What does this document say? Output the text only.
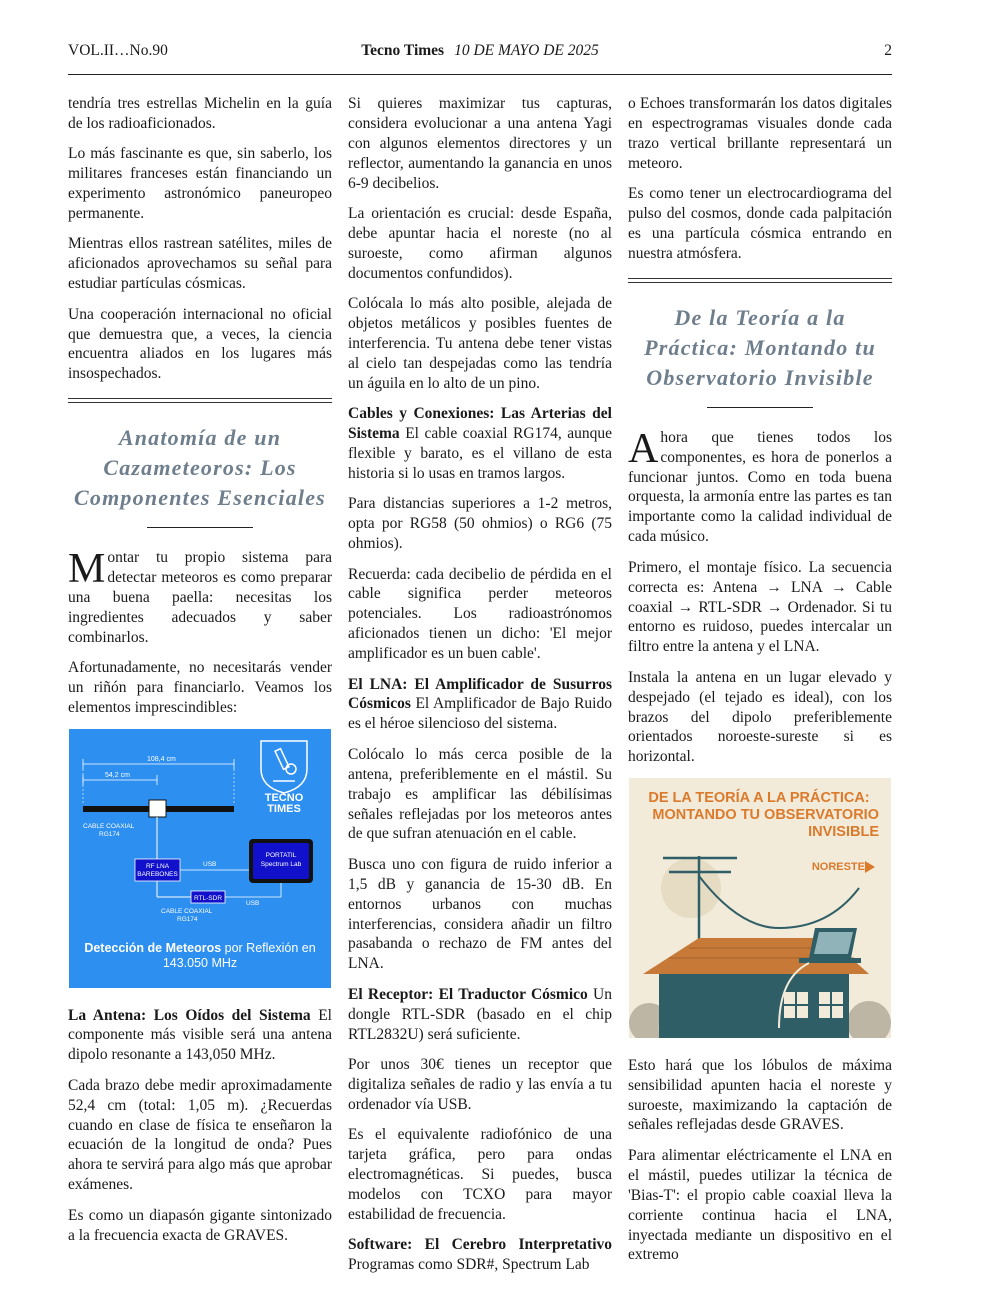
VOL.II…No.90	Tecno Times 10 DE MAYO DE 2025	2

tendría tres estrellas Michelin en la guía de los radioaficionados.

Lo más fascinante es que, sin saberlo, los militares franceses están financiando un experimento astronómico paneuropeo permanente.

Mientras ellos rastrean satélites, miles de aficionados aprovechamos su señal para estudiar partículas cósmicas.

Una cooperación internacional no oficial que demuestra que, a veces, la ciencia encuentra aliados en los lugares más insospechados.

Anatomía de un Cazameteoros: Los Componentes Esenciales

Montar tu propio sistema para detectar meteoros es como preparar una buena paella: necesitas los ingredientes adecuados y saber combinarlos.

Afortunadamente, no necesitarás vender un riñón para financiarlo. Veamos los elementos imprescindibles:

108,4 cm
54,2 cm
CABLE COAXIAL
RG174
RF LNA
BAREBONES
USB
PORTATIL
Spectrum Lab
RTL-SDR
USB
CABLE COAXIAL
RG174
TECNO
TIMES
Detección de Meteoros por Reflexión en
143.050 MHz

La Antena: Los Oídos del Sistema El componente más visible será una antena dipolo resonante a 143,050 MHz.

Cada brazo debe medir aproximadamente 52,4 cm (total: 1,05 m). ¿Recuerdas cuando en clase de física te enseñaron la ecuación de la longitud de onda? Pues ahora te servirá para algo más que aprobar exámenes.

Es como un diapasón gigante sintonizado a la frecuencia exacta de GRAVES.

Si quieres maximizar tus capturas, considera evolucionar a una antena Yagi con algunos elementos directores y un reflector, aumentando la ganancia en unos 6-9 decibelios.

La orientación es crucial: desde España, debe apuntar hacia el noreste (no al suroeste, como afirman algunos documentos confundidos).

Colócala lo más alto posible, alejada de objetos metálicos y posibles fuentes de interferencia. Tu antena debe tener vistas al cielo tan despejadas como las tendría un águila en lo alto de un pino.

Cables y Conexiones: Las Arterias del Sistema El cable coaxial RG174, aunque flexible y barato, es el villano de esta historia si lo usas en tramos largos.

Para distancias superiores a 1-2 metros, opta por RG58 (50 ohmios) o RG6 (75 ohmios).

Recuerda: cada decibelio de pérdida en el cable significa perder meteoros potenciales. Los radioastrónomos aficionados tienen un dicho: 'El mejor amplificador es un buen cable'.

El LNA: El Amplificador de Susurros Cósmicos El Amplificador de Bajo Ruido es el héroe silencioso del sistema.

Colócalo lo más cerca posible de la antena, preferiblemente en el mástil. Su trabajo es amplificar las débilísimas señales reflejadas por los meteoros antes de que sufran atenuación en el cable.

Busca uno con figura de ruido inferior a 1,5 dB y ganancia de 15-30 dB. En entornos urbanos con muchas interferencias, considera añadir un filtro pasabanda o rechazo de FM antes del LNA.

El Receptor: El Traductor Cósmico Un dongle RTL-SDR (basado en el chip RTL2832U) será suficiente.

Por unos 30€ tienes un receptor que digitaliza señales de radio y las envía a tu ordenador vía USB.

Es el equivalente radiofónico de una tarjeta gráfica, pero para ondas electromagnéticas. Si puedes, busca modelos con TCXO para mayor estabilidad de frecuencia.

Software: El Cerebro Interpretativo Programas como SDR#, Spectrum Lab

o Echoes transformarán los datos digitales en espectrogramas visuales donde cada trazo vertical brillante representará un meteoro.

Es como tener un electrocardiograma del pulso del cosmos, donde cada palpitación es una partícula cósmica entrando en nuestra atmósfera.

De la Teoría a la Práctica: Montando tu Observatorio Invisible

Ahora que tienes todos los componentes, es hora de ponerlos a funcionar juntos. Como en toda buena orquesta, la armonía entre las partes es tan importante como la calidad individual de cada músico.

Primero, el montaje físico. La secuencia correcta es: Antena → LNA → Cable coaxial → RTL-SDR → Ordenador. Si tu entorno es ruidoso, puedes intercalar un filtro entre la antena y el LNA.

Instala la antena en un lugar elevado y despejado (el tejado es ideal), con los brazos del dipolo preferiblemente orientados noroeste-sureste si es horizontal.

DE LA TEORÍA A LA PRÁCTICA:
MONTANDO TU OBSERVATORIO
INVISIBLE
NORESTE

Esto hará que los lóbulos de máxima sensibilidad apunten hacia el noreste y suroeste, maximizando la captación de señales reflejadas desde GRAVES.

Para alimentar eléctricamente el LNA en el mástil, puedes utilizar la técnica de 'Bias-T': el propio cable coaxial lleva la corriente continua hacia el LNA, inyectada mediante un dispositivo en el extremo
